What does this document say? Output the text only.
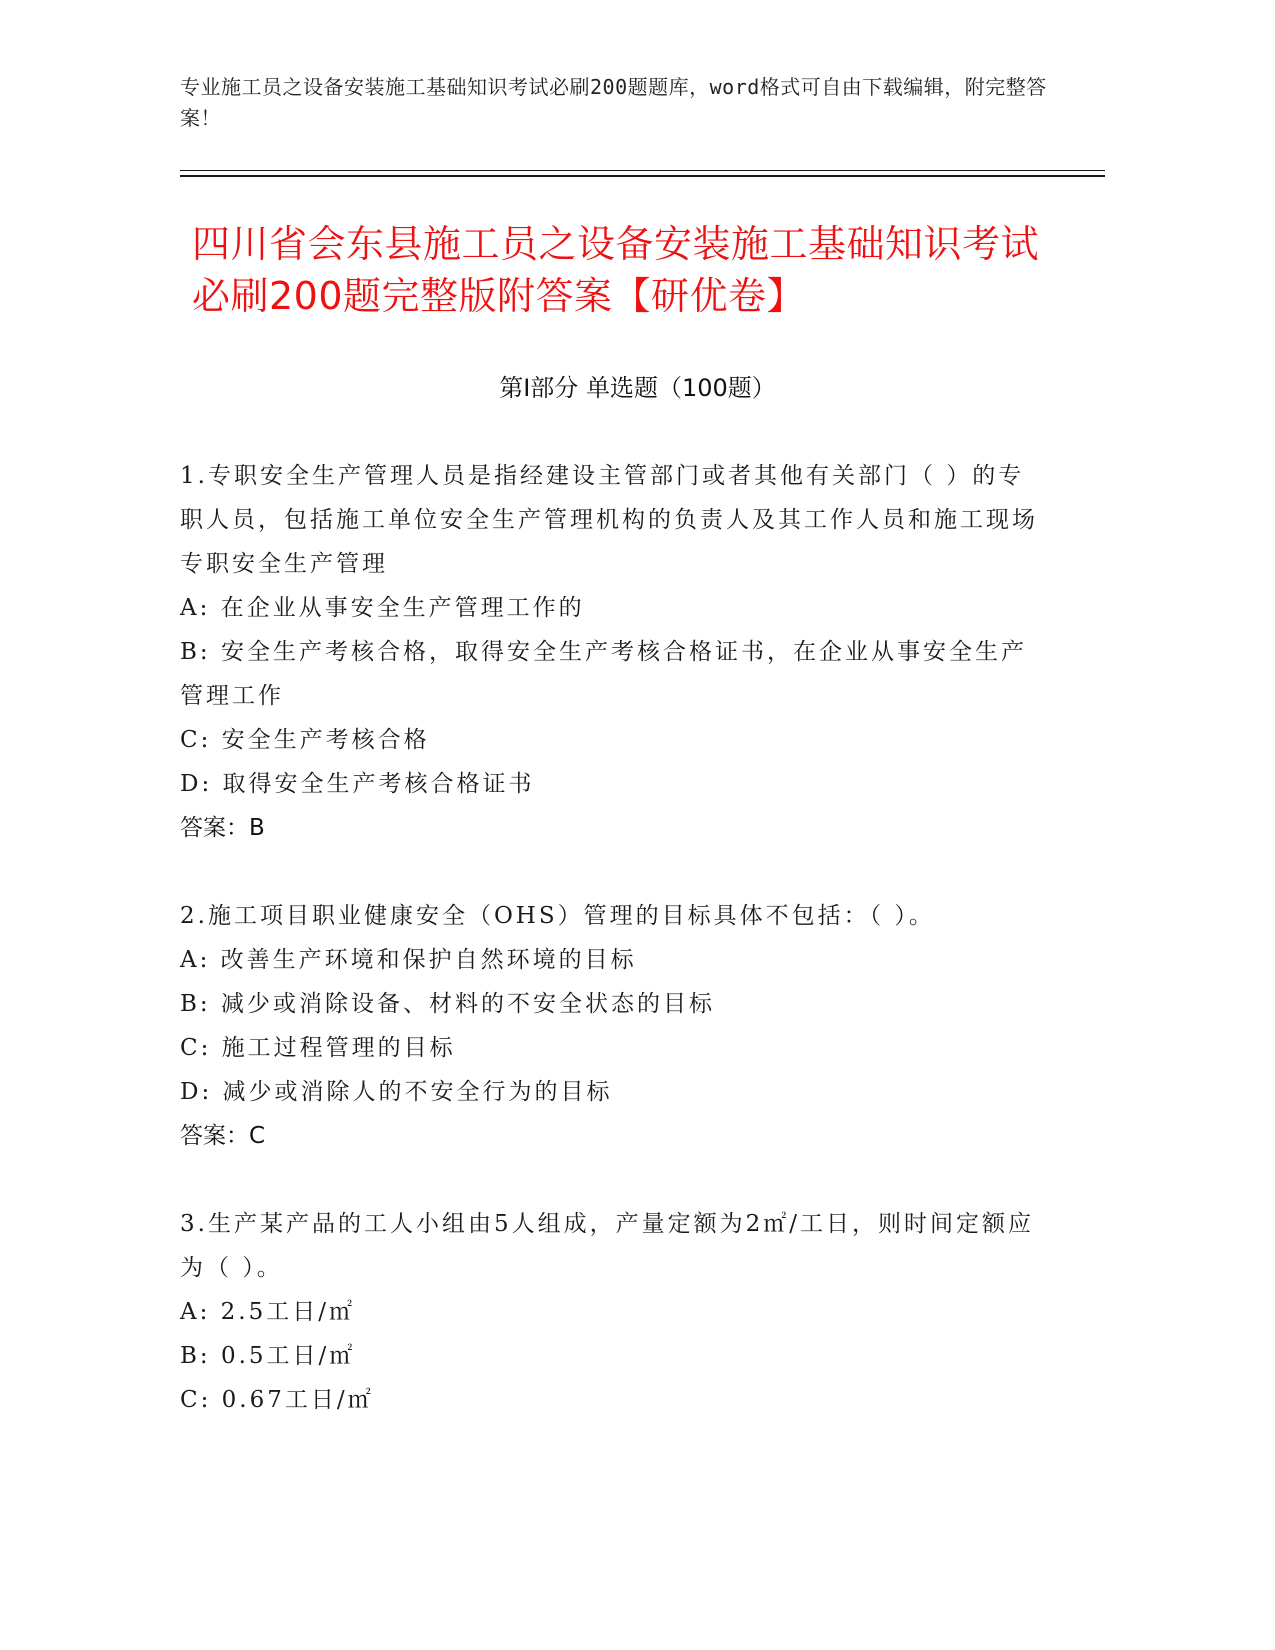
专业施工员之设备安装施工基础知识考试必刷200题题库，word格式可自由下载编辑，附完整答案！
四川省会东县施工员之设备安装施工基础知识考试必刷200题完整版附答案【研优卷】
第Ⅰ部分 单选题（100题）
1.专职安全生产管理人员是指经建设主管部门或者其他有关部门（ ）的专职人员，包括施工单位安全生产管理机构的负责人及其工作人员和施工现场专职安全生产管理
A: 在企业从事安全生产管理工作的
B: 安全生产考核合格，取得安全生产考核合格证书，在企业从事安全生产管理工作
C: 安全生产考核合格
D: 取得安全生产考核合格证书
答案：B
2.施工项目职业健康安全（OHS）管理的目标具体不包括：（ ）。
A: 改善生产环境和保护自然环境的目标
B: 减少或消除设备、材料的不安全状态的目标
C: 施工过程管理的目标
D: 减少或消除人的不安全行为的目标
答案：C
3.生产某产品的工人小组由5人组成，产量定额为2㎡/工日，则时间定额应为（ ）。
A: 2.5工日/㎡
B: 0.5工日/㎡
C: 0.67工日/㎡
